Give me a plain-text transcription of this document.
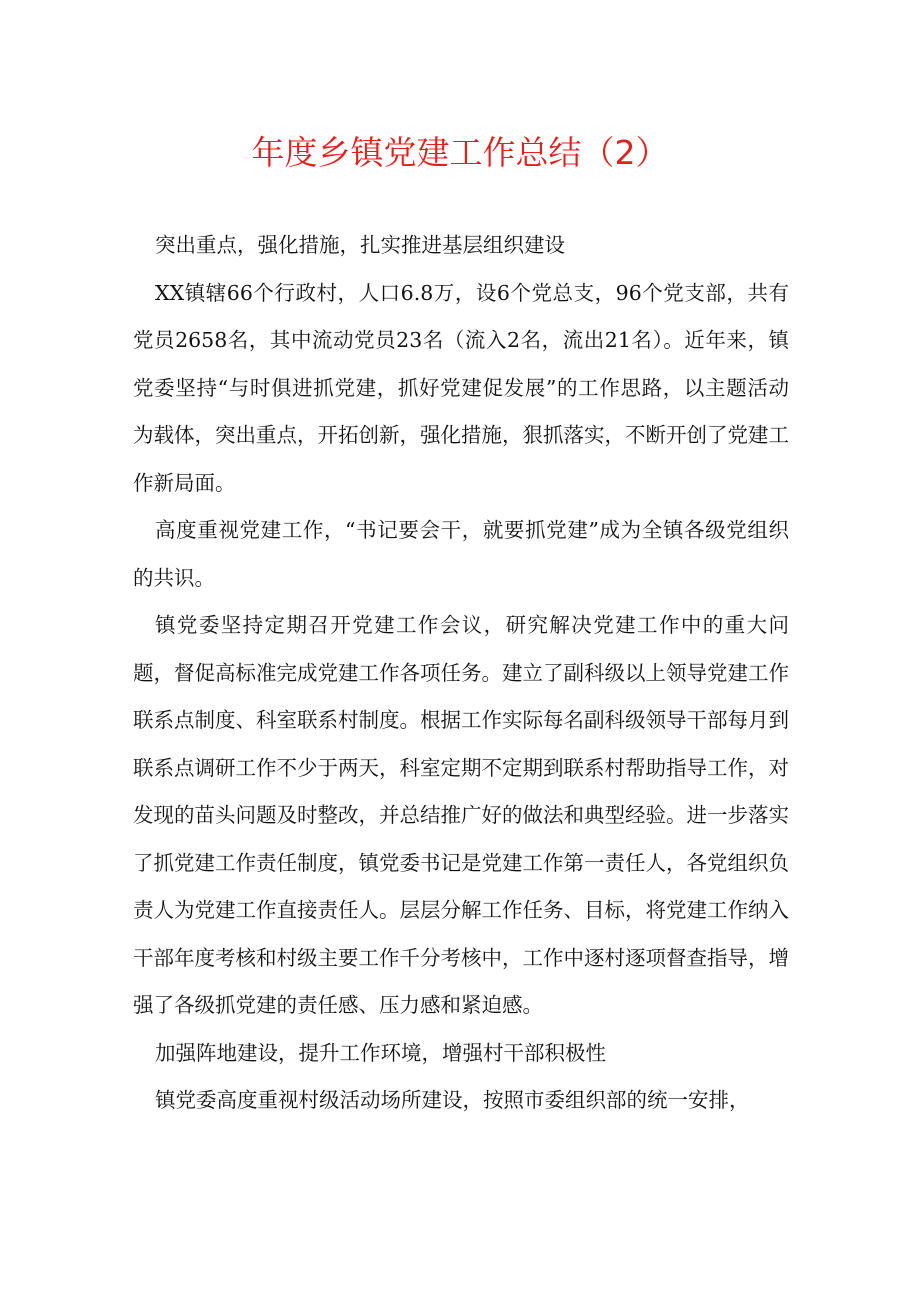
年度乡镇党建工作总结（2）

突出重点，强化措施，扎实推进基层组织建设

XX镇辖66个行政村，人口6.8万，设6个党总支，96个党支部，共有党员2658名，其中流动党员23名（流入2名，流出21名）。近年来，镇党委坚持“与时俱进抓党建，抓好党建促发展”的工作思路，以主题活动为载体，突出重点，开拓创新，强化措施，狠抓落实，不断开创了党建工作新局面。

高度重视党建工作，“书记要会干，就要抓党建”成为全镇各级党组织的共识。

镇党委坚持定期召开党建工作会议，研究解决党建工作中的重大问题，督促高标准完成党建工作各项任务。建立了副科级以上领导党建工作联系点制度、科室联系村制度。根据工作实际每名副科级领导干部每月到联系点调研工作不少于两天，科室定期不定期到联系村帮助指导工作，对发现的苗头问题及时整改，并总结推广好的做法和典型经验。进一步落实了抓党建工作责任制度，镇党委书记是党建工作第一责任人，各党组织负责人为党建工作直接责任人。层层分解工作任务、目标，将党建工作纳入干部年度考核和村级主要工作千分考核中，工作中逐村逐项督查指导，增强了各级抓党建的责任感、压力感和紧迫感。

加强阵地建设，提升工作环境，增强村干部积极性

镇党委高度重视村级活动场所建设，按照市委组织部的统一安排，
